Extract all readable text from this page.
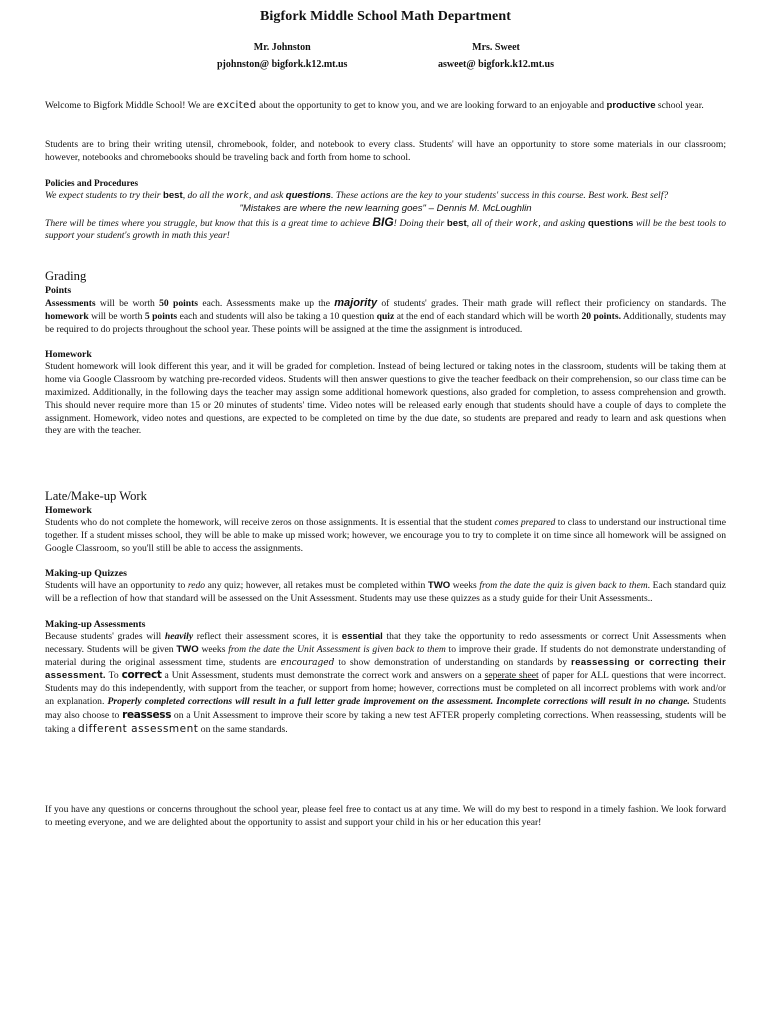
Bigfork Middle School Math Department
Mr. Johnston
pjohnston@ bigfork.k12.mt.us
Mrs. Sweet
asweet@ bigfork.k12.mt.us

Welcome to Bigfork Middle School! We are excited about the opportunity to get to know you, and we are looking forward to an enjoyable and productive school year.

Students are to bring their writing utensil, chromebook, folder, and notebook to every class. Students' will have an opportunity to store some materials in our classroom; however, notebooks and chromebooks should be traveling back and forth from home to school.

Policies and Procedures

We expect students to try their best, do all the work, and ask questions. These actions are the key to your students' success in this course. Best work. Best self?

"Mistakes are where the new learning goes" – Dennis M. McLoughlin

There will be times where you struggle, but know that this is a great time to achieve BIG! Doing their best, all of their work, and asking questions will be the best tools to support your student's growth in math this year!

Grading
Points

Assessments will be worth 50 points each. Assessments make up the majority of students' grades. Their math grade will reflect their proficiency on standards. The homework will be worth 5 points each and students will also be taking a 10 question quiz at the end of each standard which will be worth 20 points. Additionally, students may be required to do projects throughout the school year. These points will be assigned at the time the assignment is introduced.

Homework

Student homework will look different this year, and it will be graded for completion. Instead of being lectured or taking notes in the classroom, students will be taking them at home via Google Classroom by watching pre-recorded videos. Students will then answer questions to give the teacher feedback on their comprehension, so our class time can be maximized. Additionally, in the following days the teacher may assign some additional homework questions, also graded for completion, to assess comprehension and growth. This should never require more than 15 or 20 minutes of students' time. Video notes will be released early enough that students should have a couple of days to complete the assignment. Homework, video notes and questions, are expected to be completed on time by the due date, so students are prepared and ready to learn and ask questions when they are with the teacher.

Late/Make-up Work
Homework

Students who do not complete the homework, will receive zeros on those assignments. It is essential that the student comes prepared to class to understand our instructional time together. If a student misses school, they will be able to make up missed work; however, we encourage you to try to complete it on time since all homework will be assigned on Google Classroom, so you'll still be able to access the assignments.

Making-up Quizzes

Students will have an opportunity to redo any quiz; however, all retakes must be completed within TWO weeks from the date the quiz is given back to them. Each standard quiz will be a reflection of how that standard will be assessed on the Unit Assessment. Students may use these quizzes as a study guide for their Unit Assessments..

Making-up Assessments

Because students' grades will heavily reflect their assessment scores, it is essential that they take the opportunity to redo assessments or correct Unit Assessments when necessary. Students will be given TWO weeks from the date the Unit Assessment is given back to them to improve their grade. If students do not demonstrate understanding of material during the original assessment time, students are encouraged to show demonstration of understanding on standards by reassessing or correcting their assessment. To correct a Unit Assessment, students must demonstrate the correct work and answers on a seperate sheet of paper for ALL questions that were incorrect. Students may do this independently, with support from the teacher, or support from home; however, corrections must be completed on all incorrect problems with work and/or an explanation. Properly completed corrections will result in a full letter grade improvement on the assessment. Incomplete corrections will result in no change. Students may also choose to reassess on a Unit Assessment to improve their score by taking a new test AFTER properly completing corrections. When reassessing, students will be taking a different assessment on the same standards.

If you have any questions or concerns throughout the school year, please feel free to contact us at any time. We will do my best to respond in a timely fashion. We look forward to meeting everyone, and we are delighted about the opportunity to assist and support your child in his or her education this year!
